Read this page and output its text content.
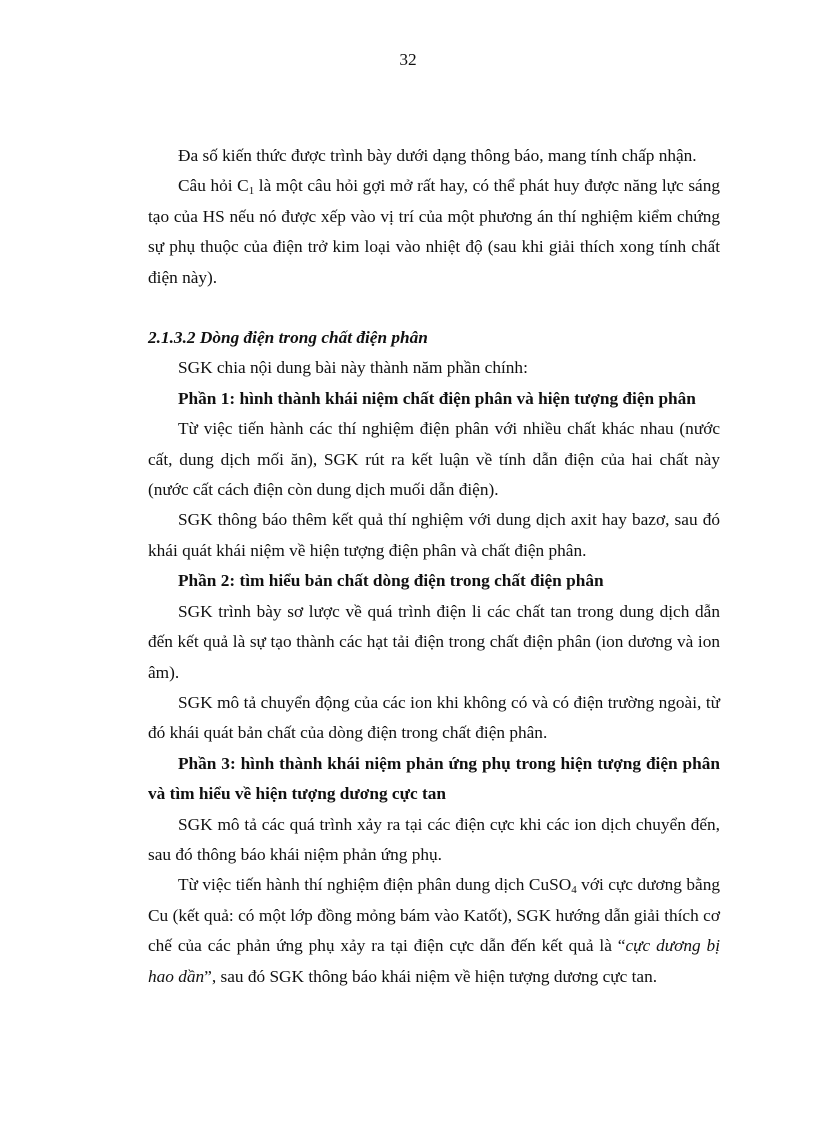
32

Đa số kiến thức được trình bày dưới dạng thông báo, mang tính chấp nhận.

Câu hỏi $C_1$ là một câu hỏi gợi mở rất hay, có thể phát huy được năng lực sáng tạo của HS nếu nó được xếp vào vị trí của một phương án thí nghiệm kiểm chứng sự phụ thuộc của điện trở kim loại vào nhiệt độ (sau khi giải thích xong tính chất điện này).

2.1.3.2 Dòng điện trong chất điện phân

SGK chia nội dung bài này thành năm phần chính:

Phần 1: hình thành khái niệm chất điện phân và hiện tượng điện phân

Từ việc tiến hành các thí nghiệm điện phân với nhiều chất khác nhau (nước cất, dung dịch mối ăn), SGK rút ra kết luận về tính dẫn điện của hai chất này (nước cất cách điện còn dung dịch muối dẫn điện).

SGK thông báo thêm kết quả thí nghiệm với dung dịch axit hay bazơ, sau đó khái quát khái niệm về hiện tượng điện phân và chất điện phân.

Phần 2: tìm hiểu bản chất dòng điện trong chất điện phân

SGK trình bày sơ lược về quá trình điện li các chất tan trong dung dịch dẫn đến kết quả là sự tạo thành các hạt tải điện trong chất điện phân (ion dương và ion âm).

SGK mô tả chuyển động của các ion khi không có và có điện trường ngoài, từ đó khái quát bản chất của dòng điện trong chất điện phân.

Phần 3: hình thành khái niệm phản ứng phụ trong hiện tượng điện phân và tìm hiểu về hiện tượng dương cực tan

SGK mô tả các quá trình xảy ra tại các điện cực khi các ion dịch chuyển đến, sau đó thông báo khái niệm phản ứng phụ.

Từ việc tiến hành thí nghiệm điện phân dung dịch CuSO$_4$ với cực dương bằng Cu (kết quả: có một lớp đồng mỏng bám vào Katốt), SGK hướng dẫn giải thích cơ chế của các phản ứng phụ xảy ra tại điện cực dẫn đến kết quả là “cực dương bị hao dần”, sau đó SGK thông báo khái niệm về hiện tượng dương cực tan.
